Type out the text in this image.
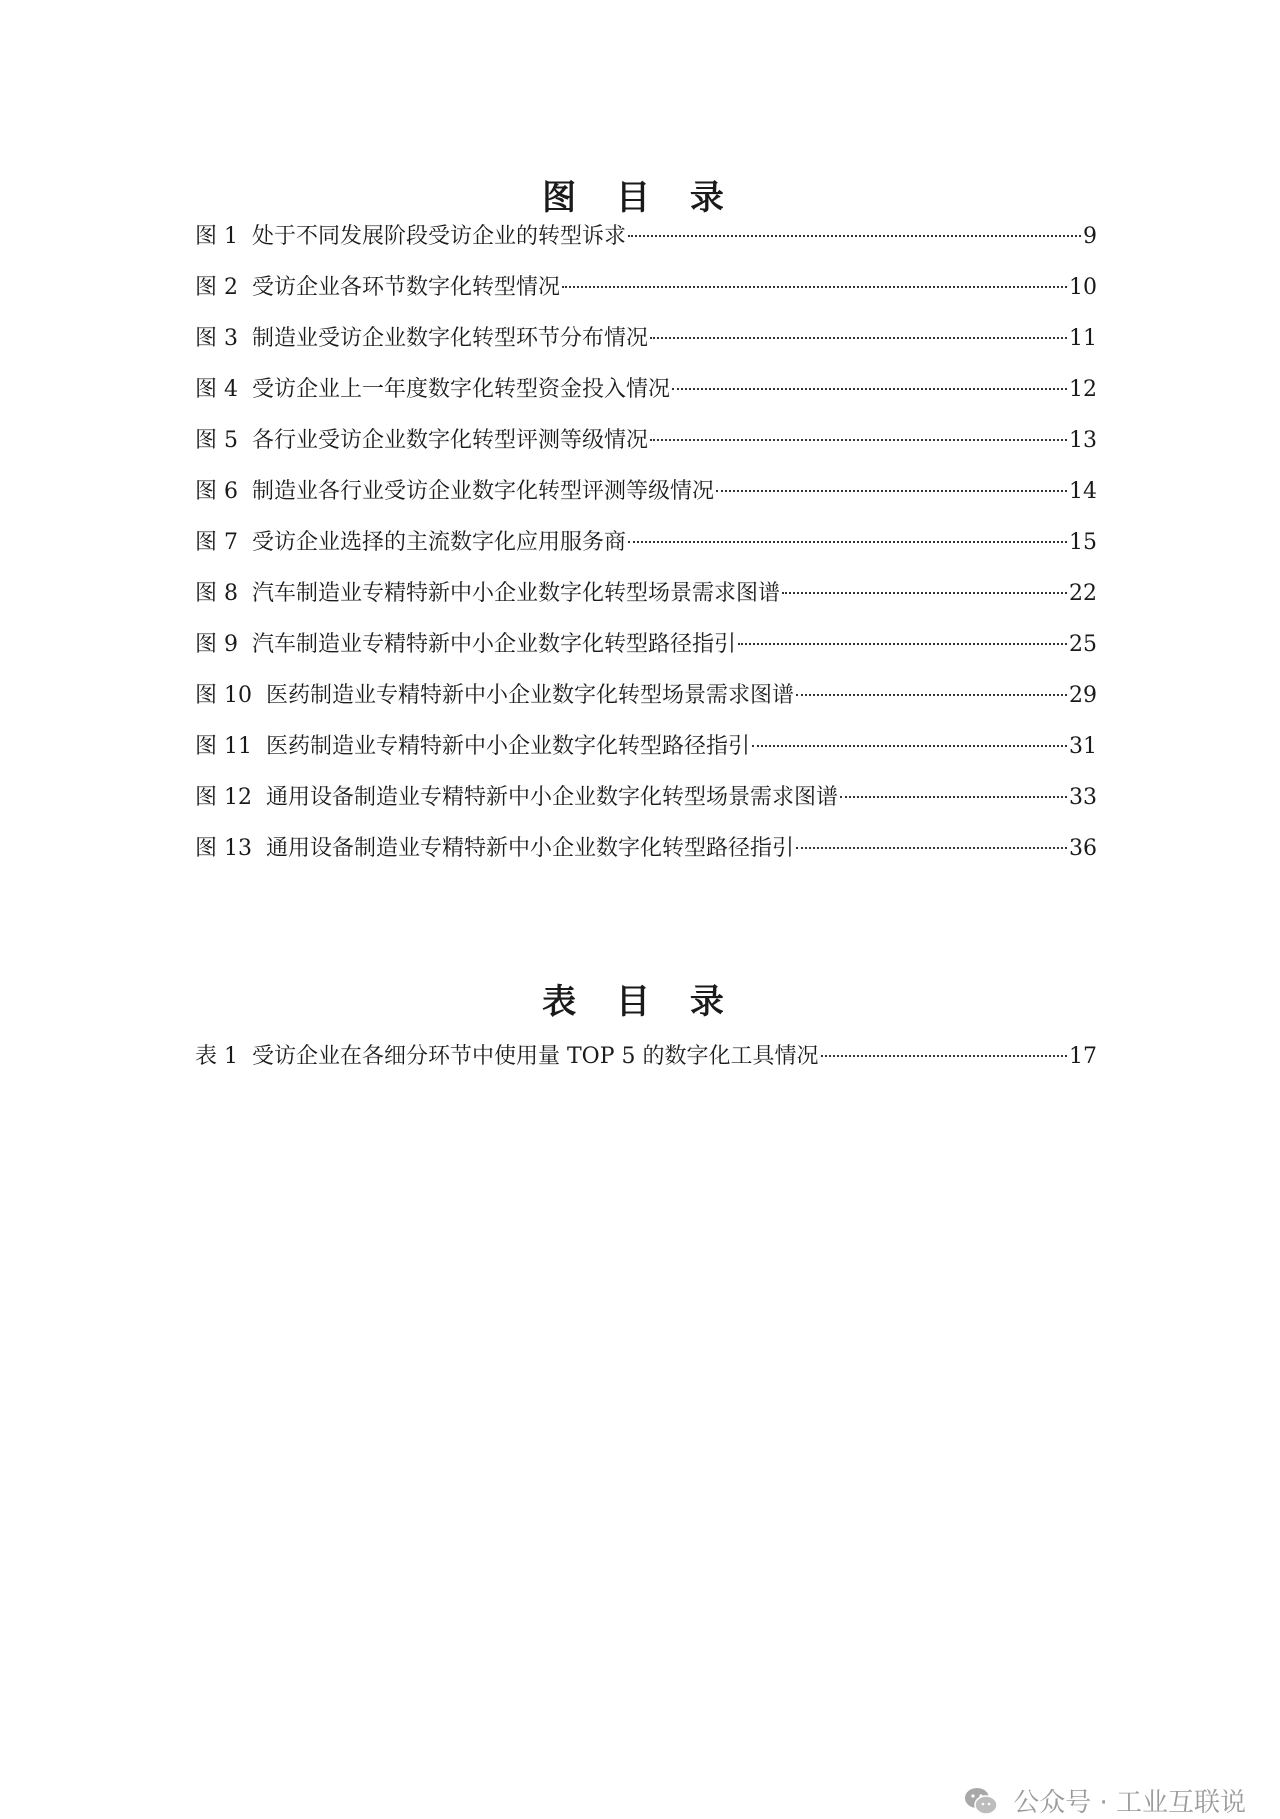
图 目 录
图 1 处于不同发展阶段受访企业的转型诉求	9
图 2 受访企业各环节数字化转型情况	10
图 3 制造业受访企业数字化转型环节分布情况	11
图 4 受访企业上一年度数字化转型资金投入情况	12
图 5 各行业受访企业数字化转型评测等级情况	13
图 6 制造业各行业受访企业数字化转型评测等级情况	14
图 7 受访企业选择的主流数字化应用服务商	15
图 8 汽车制造业专精特新中小企业数字化转型场景需求图谱	22
图 9 汽车制造业专精特新中小企业数字化转型路径指引	25
图 10 医药制造业专精特新中小企业数字化转型场景需求图谱	29
图 11 医药制造业专精特新中小企业数字化转型路径指引	31
图 12 通用设备制造业专精特新中小企业数字化转型场景需求图谱	33
图 13 通用设备制造业专精特新中小企业数字化转型路径指引	36
表 目 录
表 1 受访企业在各细分环节中使用量 TOP 5 的数字化工具情况	17
公众号 · 工业互联说
